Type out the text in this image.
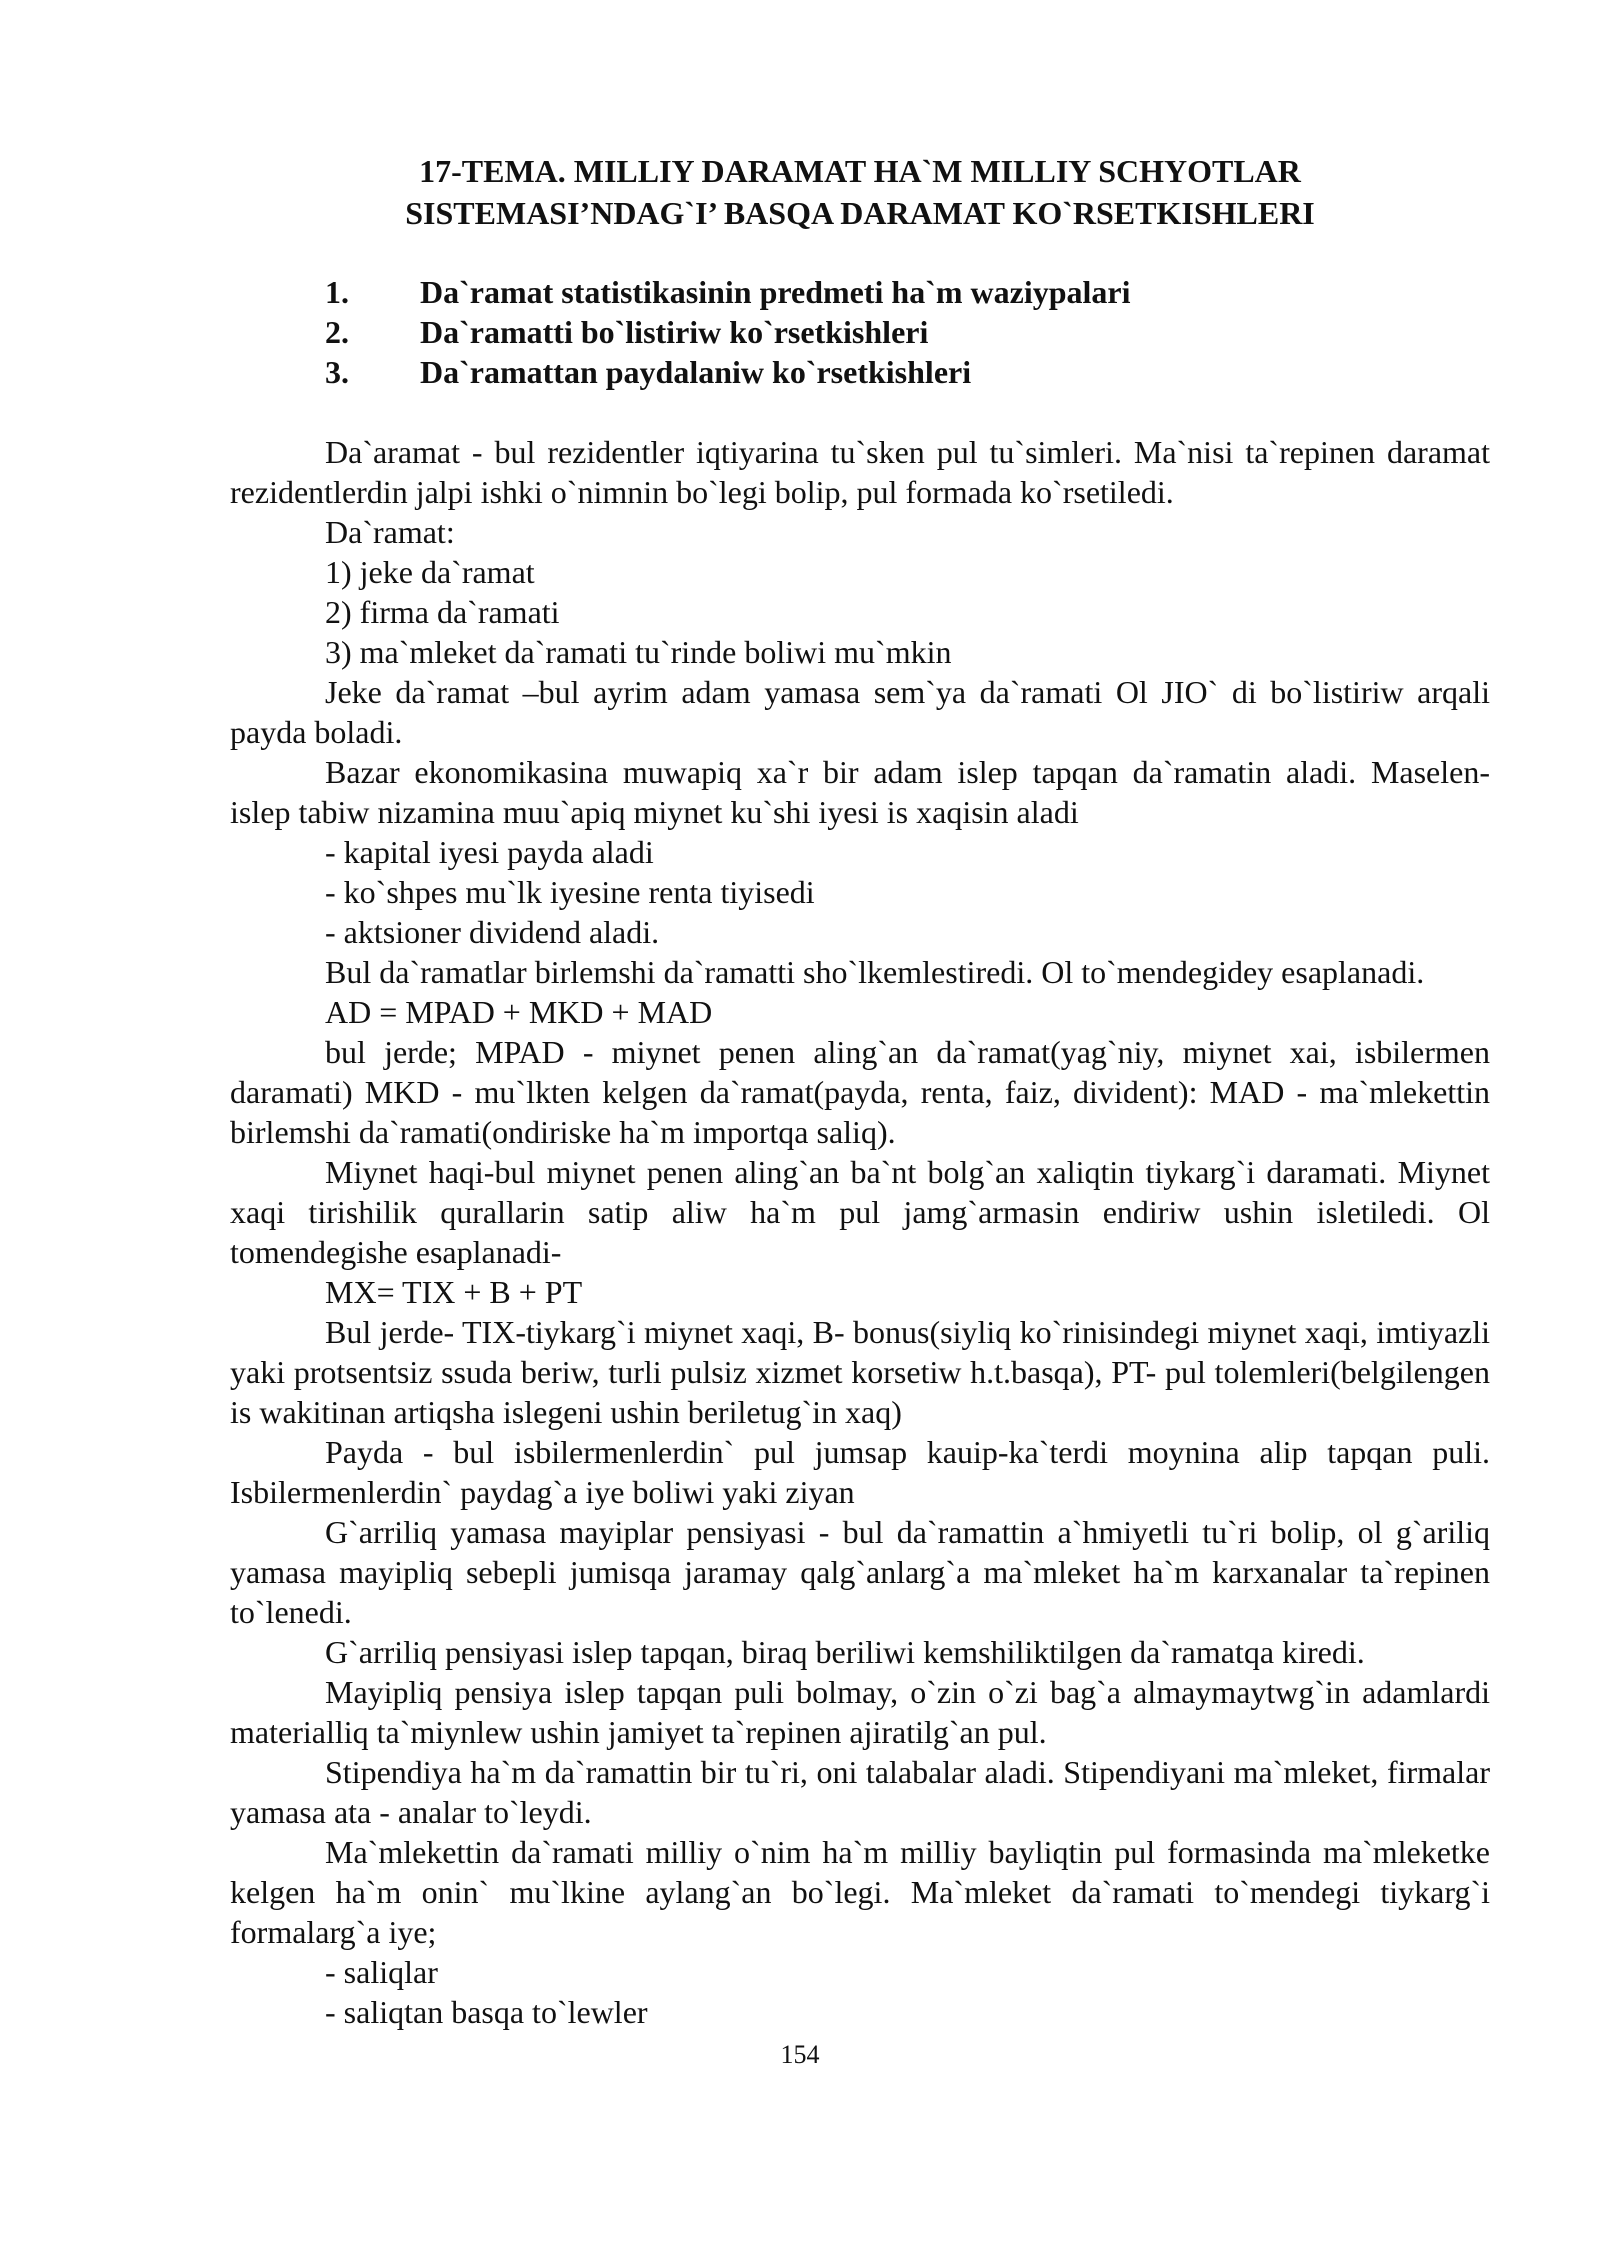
17-TEMA. MILLIY DARAMAT HA`M MILLIY SCHYOTLAR
SISTEMASI’NDAG`I’ BASQA DARAMAT KO`RSETKISHLERI
1. Da`ramat statistikasinin predmeti ha`m waziypalari
2. Da`ramatti bo`listiriw ko`rsetkishleri
3. Da`ramattan paydalaniw ko`rsetkishleri

Da`aramat - bul rezidentler iqtiyarina tu`sken pul tu`simleri. Ma`nisi ta`repinen daramat rezidentlerdin jalpi ishki o`nimnin bo`legi bolip, pul formada ko`rsetiledi.

Da`ramat:

1) jeke da`ramat

2) firma da`ramati

3) ma`mleket da`ramati tu`rinde boliwi mu`mkin

Jeke da`ramat –bul ayrim adam yamasa sem`ya da`ramati Ol JIO` di bo`listiriw arqali payda boladi.

Bazar ekonomikasina muwapiq xa`r bir adam islep tapqan da`ramatin aladi. Maselen- islep tabiw nizamina muu`apiq miynet ku`shi iyesi is xaqisin aladi

- kapital iyesi payda aladi

- ko`shpes mu`lk iyesine renta tiyisedi

- aktsioner dividend aladi.

Bul da`ramatlar birlemshi da`ramatti sho`lkemlestiredi. Ol to`mendegidey esaplanadi.

AD = MPAD + MKD + MAD

bul jerde; MPAD - miynet penen aling`an da`ramat(yag`niy, miynet xai, isbilermen daramati) MKD - mu`lkten kelgen da`ramat(payda, renta, faiz, divident): MAD - ma`mlekettin birlemshi da`ramati(ondiriske ha`m importqa saliq).

Miynet haqi-bul miynet penen aling`an ba`nt bolg`an xaliqtin tiykarg`i daramati. Miynet xaqi tirishilik qurallarin satip aliw ha`m pul jamg`armasin endiriw ushin isletiledi. Ol tomendegishe esaplanadi-

MX= TIX + B + PT

Bul jerde- TIX-tiykarg`i miynet xaqi, B- bonus(siyliq ko`rinisindegi miynet xaqi, imtiyazli yaki protsentsiz ssuda beriw, turli pulsiz xizmet korsetiw h.t.basqa), PT- pul tolemleri(belgilengen is wakitinan artiqsha islegeni ushin beriletug`in xaq)

Payda - bul isbilermenlerdin` pul jumsap kauip-ka`terdi moynina alip tapqan puli. Isbilermenlerdin` paydag`a iye boliwi yaki ziyan

G`arriliq yamasa mayiplar pensiyasi - bul da`ramattin a`hmiyetli tu`ri bolip, ol g`ariliq yamasa mayipliq sebepli jumisqa jaramay qalg`anlarg`a ma`mleket ha`m karxanalar ta`repinen to`lenedi.

G`arriliq pensiyasi islep tapqan, biraq beriliwi kemshiliktilgen da`ramatqa kiredi.

Mayipliq pensiya islep tapqan puli bolmay, o`zin o`zi bag`a almaymaytwg`in adamlardi materialliq ta`miynlew ushin jamiyet ta`repinen ajiratilg`an pul.

Stipendiya ha`m da`ramattin bir tu`ri, oni talabalar aladi. Stipendiyani ma`mleket, firmalar yamasa ata - analar to`leydi.

Ma`mlekettin da`ramati milliy o`nim ha`m milliy bayliqtin pul formasinda ma`mleketke kelgen ha`m onin` mu`lkine aylang`an bo`legi. Ma`mleket da`ramati to`mendegi tiykarg`i formalarg`a iye;

- saliqlar

- saliqtan basqa to`lewler

154
